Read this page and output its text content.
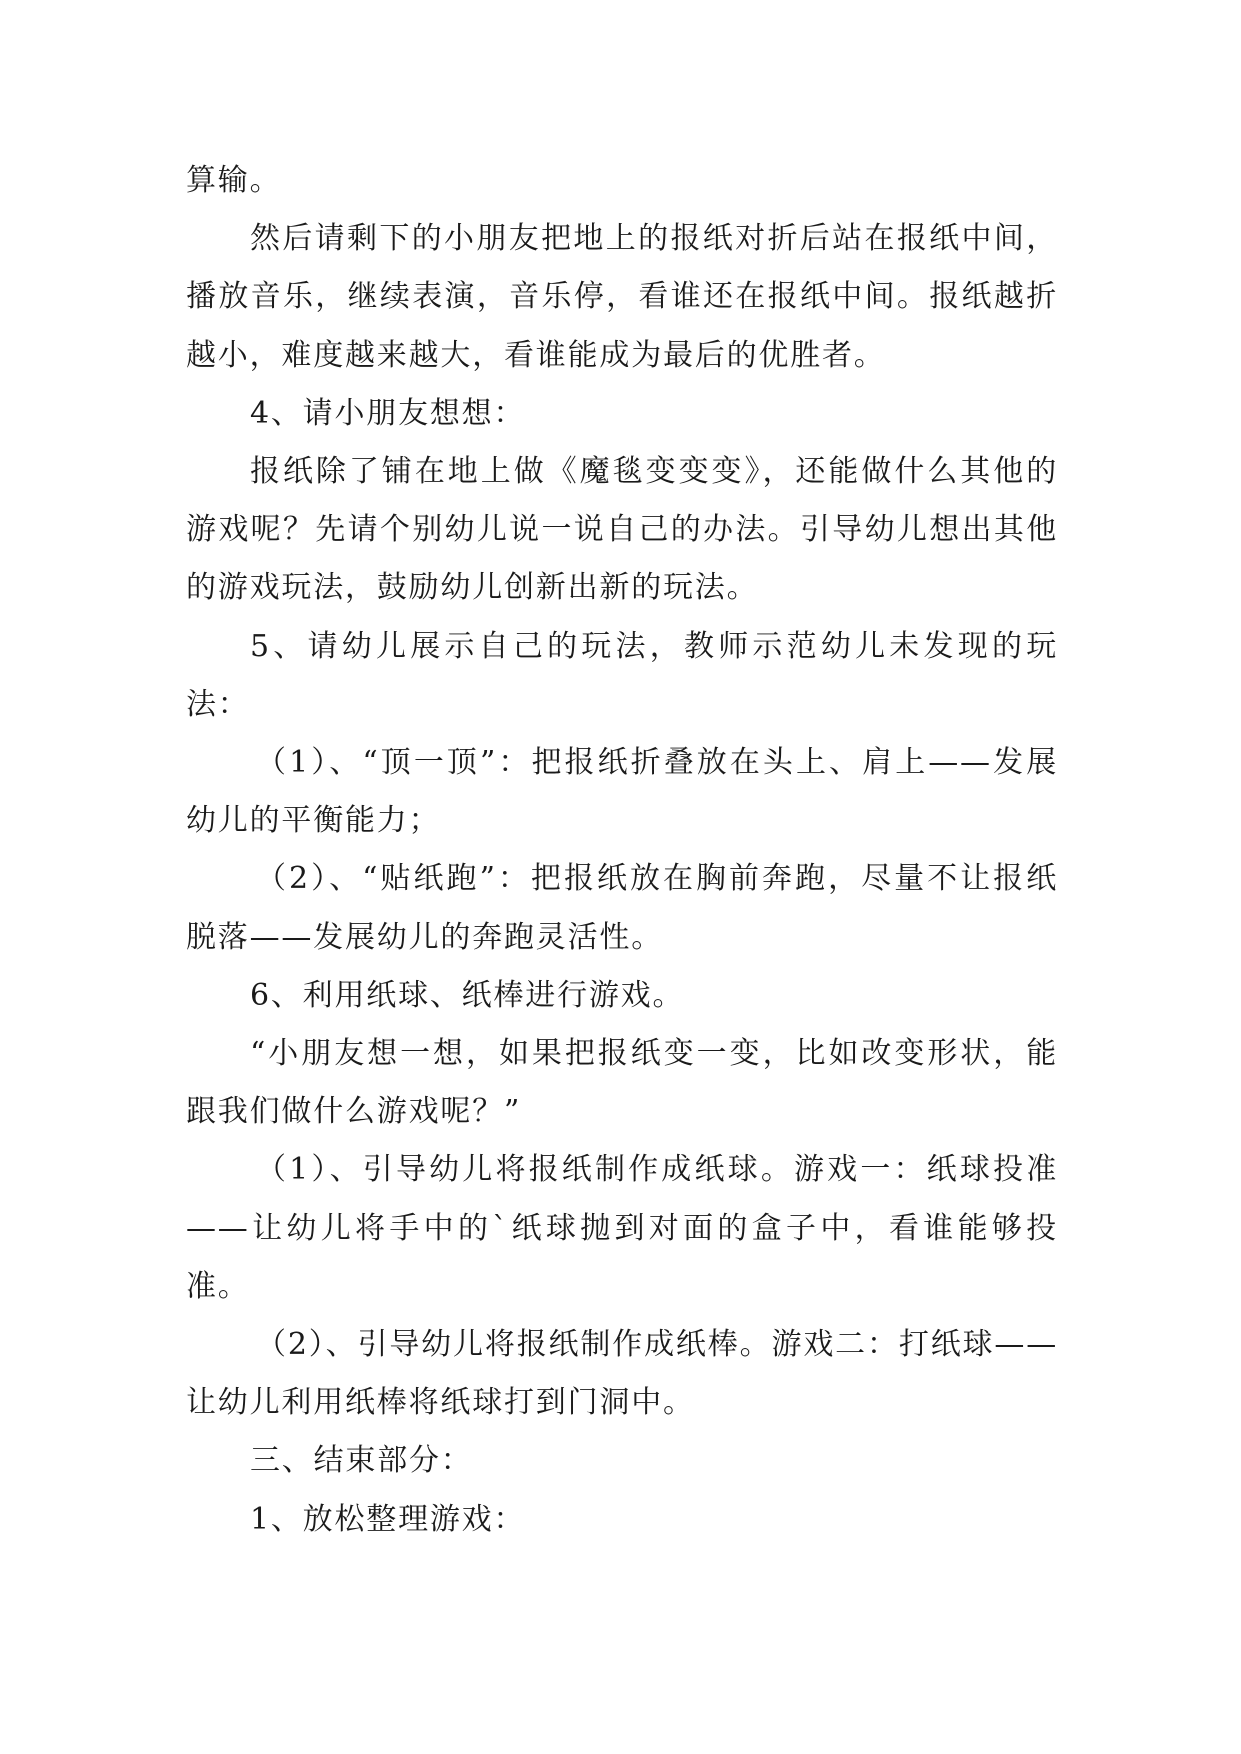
算输。

然后请剩下的小朋友把地上的报纸对折后站在报纸中间，播放音乐，继续表演，音乐停，看谁还在报纸中间。报纸越折越小，难度越来越大，看谁能成为最后的优胜者。

4、请小朋友想想：

报纸除了铺在地上做《魔毯变变变》，还能做什么其他的游戏呢？先请个别幼儿说一说自己的办法。引导幼儿想出其他的游戏玩法，鼓励幼儿创新出新的玩法。

5、请幼儿展示自己的玩法，教师示范幼儿未发现的玩法：

（1）、“顶一顶”：把报纸折叠放在头上、肩上——发展幼儿的平衡能力；

（2）、“贴纸跑”：把报纸放在胸前奔跑，尽量不让报纸脱落——发展幼儿的奔跑灵活性。

6、利用纸球、纸棒进行游戏。

“小朋友想一想，如果把报纸变一变，比如改变形状，能跟我们做什么游戏呢？”

（1）、引导幼儿将报纸制作成纸球。游戏一：纸球投准——让幼儿将手中的`纸球抛到对面的盒子中，看谁能够投准。

（2）、引导幼儿将报纸制作成纸棒。游戏二：打纸球——让幼儿利用纸棒将纸球打到门洞中。

三、结束部分：

1、放松整理游戏：
